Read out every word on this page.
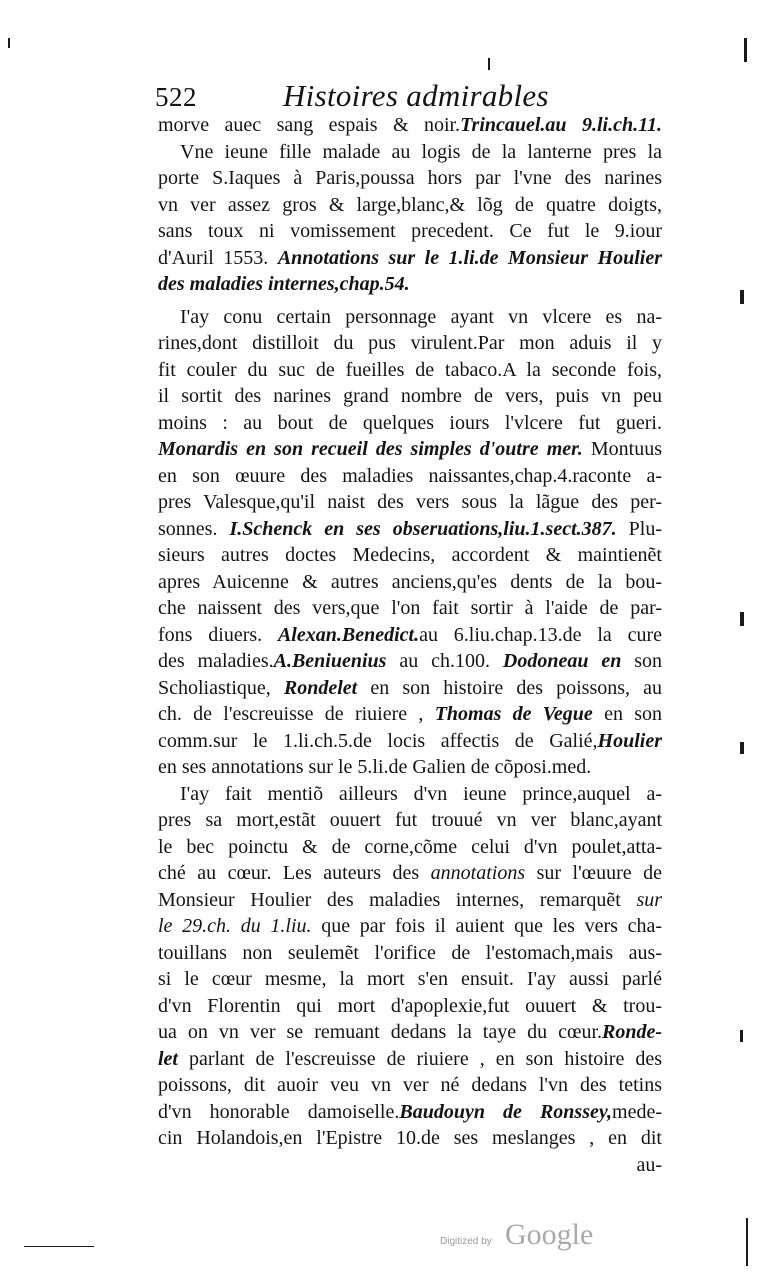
522	Histoires admirables
morve auec sang espais & noir.Trincauel.au 9.li.ch.11.
Vne ieune fille malade au logis de la lanterne pres la
porte S.Iaques à Paris,poussa hors par l'vne des narines
vn ver assez gros & large,blanc,& lõg de quatre doigts,
sans toux ni vomissement precedent. Ce fut le 9.iour
d'Auril 1553. Annotations sur le 1.li.de Monsieur Houlier
des maladies internes,chap.54.
I'ay conu certain personnage ayant vn vlcere es na-
rines,dont distilloit du pus virulent.Par mon aduis il y
fit couler du suc de fueilles de tabaco.A la seconde fois,
il sortit des narines grand nombre de vers, puis vn peu
moins : au bout de quelques iours l'vlcere fut gueri.
Monardis en son recueil des simples d'outre mer. Montuus
en son œuure des maladies naissantes,chap.4.raconte a-
pres Valesque,qu'il naist des vers sous la lãgue des per-
sonnes. I.Schenck en ses obseruations,liu.1.sect.387. Plu-
sieurs autres doctes Medecins, accordent & maintienẽt
apres Auicenne & autres anciens,qu'es dents de la bou-
che naissent des vers,que l'on fait sortir à l'aide de par-
fons diuers. Alexan.Benedict.au 6.liu.chap.13.de la cure
des maladies.A.Beniuenius au ch.100. Dodoneau en son
Scholiastique, Rondelet en son histoire des poissons, au
ch. de l'escreuisse de riuiere , Thomas de Vegue en son
comm.sur le 1.li.ch.5.de locis affectis de Galié,Houlier
en ses annotations sur le 5.li.de Galien de cõposi.med.
I'ay fait mentiõ ailleurs d'vn ieune prince,auquel a-
pres sa mort,estãt ouuert fut trouué vn ver blanc,ayant
le bec poinctu & de corne,cõme celui d'vn poulet,atta-
ché au cœur. Les auteurs des annotations sur l'œuure de
Monsieur Houlier des maladies internes, remarquẽt sur
le 29.ch. du 1.liu. que par fois il auient que les vers cha-
touillans non seulemẽt l'orifice de l'estomach,mais aus-
si le cœur mesme, la mort s'en ensuit. I'ay aussi parlé
d'vn Florentin qui mort d'apoplexie,fut ouuert & trou-
ua on vn ver se remuant dedans la taye du cœur.Ronde-
let parlant de l'escreuisse de riuiere , en son histoire des
poissons, dit auoir veu vn ver né dedans l'vn des tetins
d'vn honorable damoiselle.Baudouyn de Ronssey,mede-
cin Holandois,en l'Epistre 10.de ses meslanges , en dit
au-
Digitized by Google
